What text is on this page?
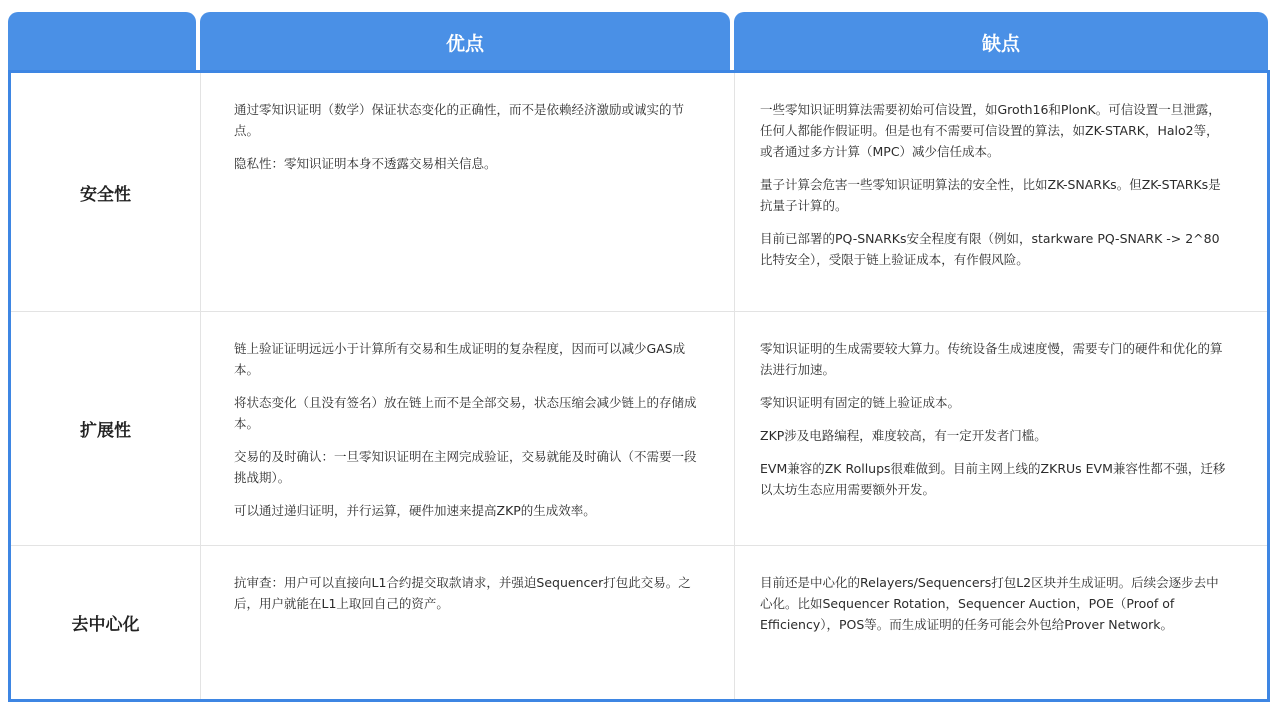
优点	缺点
安全性

通过零知识证明（数学）保证状态变化的正确性，而不是依赖经济激励或诚实的节点。

隐私性：零知识证明本身不透露交易相关信息。

一些零知识证明算法需要初始可信设置，如Groth16和PlonK。可信设置一旦泄露，任何人都能作假证明。但是也有不需要可信设置的算法，如ZK-STARK，Halo2等，或者通过多方计算（MPC）减少信任成本。

量子计算会危害一些零知识证明算法的安全性，比如ZK-SNARKs。但ZK-STARKs是抗量子计算的。

目前已部署的PQ-SNARKs安全程度有限（例如，starkware PQ-SNARK -> 2^80比特安全），受限于链上验证成本，有作假风险。

扩展性

链上验证证明远远小于计算所有交易和生成证明的复杂程度，因而可以减少GAS成本。

将状态变化（且没有签名）放在链上而不是全部交易，状态压缩会减少链上的存储成本。

交易的及时确认：一旦零知识证明在主网完成验证，交易就能及时确认（不需要一段挑战期）。

可以通过递归证明，并行运算，硬件加速来提高ZKP的生成效率。

零知识证明的生成需要较大算力。传统设备生成速度慢，需要专门的硬件和优化的算法进行加速。

零知识证明有固定的链上验证成本。

ZKP涉及电路编程，难度较高，有一定开发者门槛。

EVM兼容的ZK Rollups很难做到。目前主网上线的ZKRUs EVM兼容性都不强，迁移以太坊生态应用需要额外开发。

去中心化

抗审查：用户可以直接向L1合约提交取款请求，并强迫Sequencer打包此交易。之后，用户就能在L1上取回自己的资产。

目前还是中心化的Relayers/Sequencers打包L2区块并生成证明。后续会逐步去中心化。比如Sequencer Rotation，Sequencer Auction，POE（Proof of Efficiency），POS等。而生成证明的任务可能会外包给Prover Network。
